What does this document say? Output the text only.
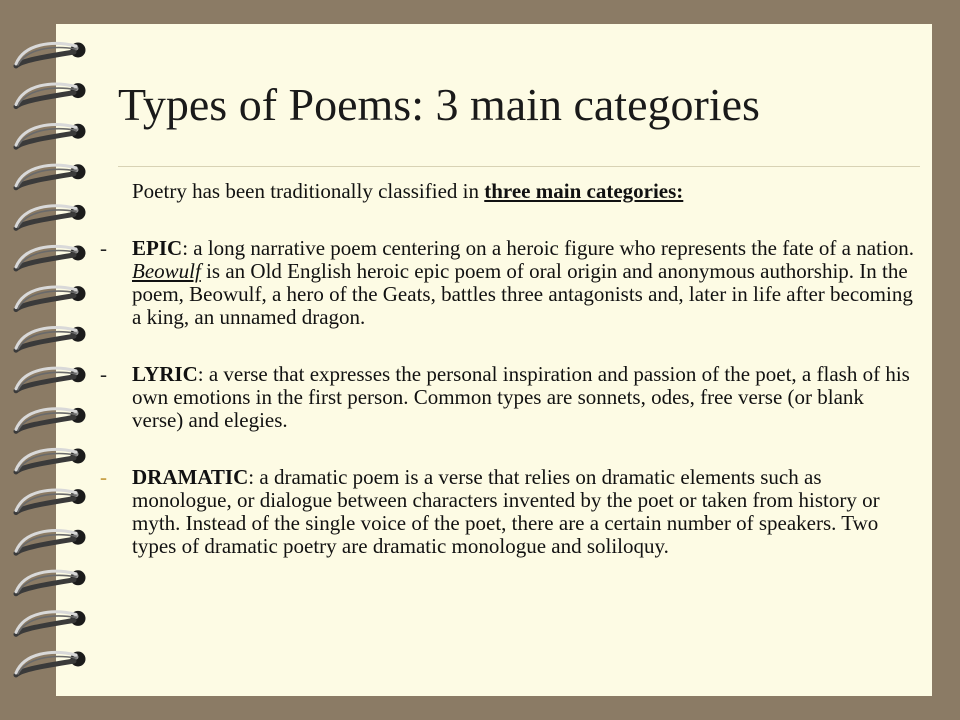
Types of Poems: 3 main categories

Poetry has been traditionally classified in three main categories:

- EPIC: a long narrative poem centering on a heroic figure who represents the fate of a nation. Beowulf is an Old English heroic epic poem of oral origin and anonymous authorship. In the poem, Beowulf, a hero of the Geats, battles three antagonists and, later in life after becoming a king, an unnamed dragon.

- LYRIC: a verse that expresses the personal inspiration and passion of the poet, a flash of his own emotions in the first person. Common types are sonnets, odes, free verse (or blank verse) and elegies.

- DRAMATIC: a dramatic poem is a verse that relies on dramatic elements such as monologue, or dialogue between characters invented by the poet or taken from history or myth. Instead of the single voice of the poet, there are a certain number of speakers. Two types of dramatic poetry are dramatic monologue and soliloquy.
